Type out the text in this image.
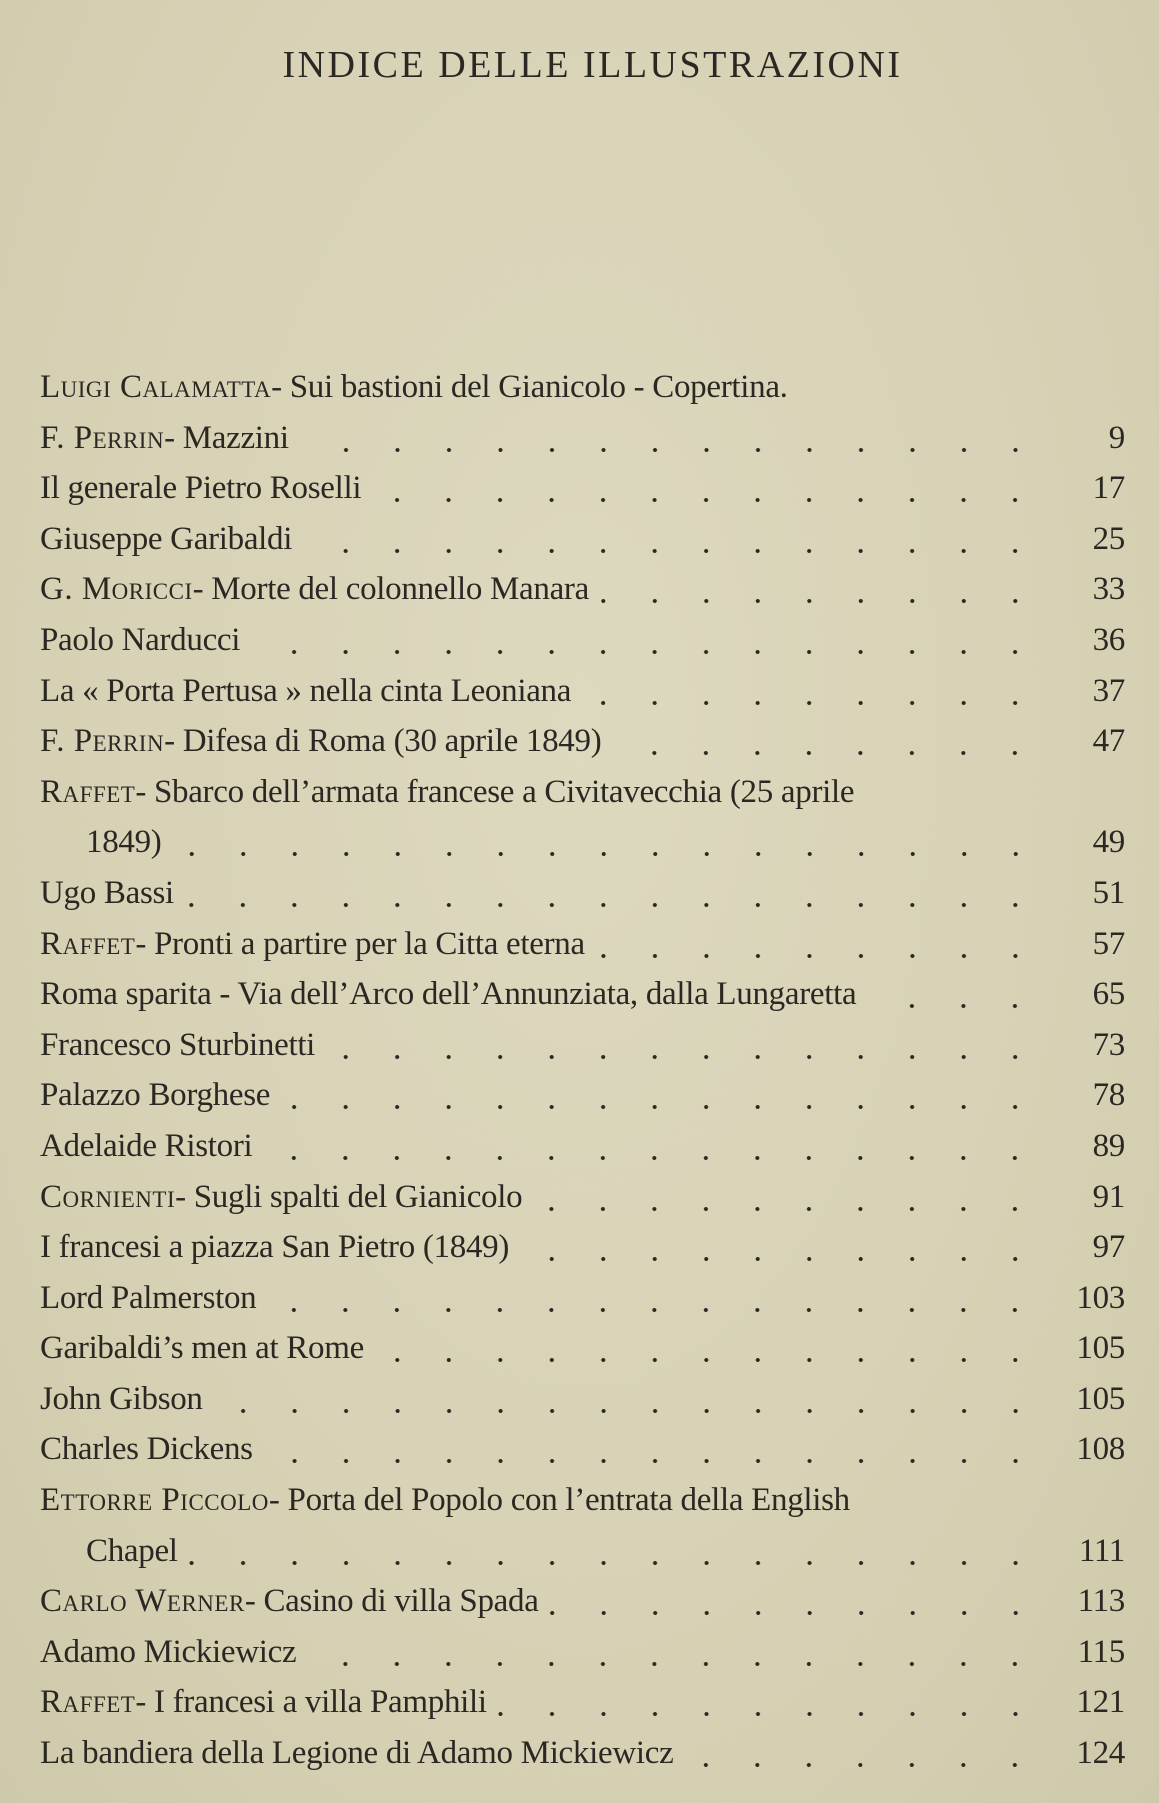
INDICE DELLE ILLUSTRAZIONI
Luigi Calamatta - Sui bastioni del Gianicolo - Copertina.
F. Perrin - Mazzini	9
Il generale Pietro Roselli	17
Giuseppe Garibaldi	25
G. Moricci - Morte del colonnello Manara	33
Paolo Narducci	36
La « Porta Pertusa » nella cinta Leoniana	37
F. Perrin - Difesa di Roma (30 aprile 1849)	47
Raffet - Sbarco dell’armata francese a Civitavecchia (25 aprile
1849)	49
Ugo Bassi	51
Raffet - Pronti a partire per la Citta eterna	57
Roma sparita - Via dell’Arco dell’Annunziata, dalla Lungaretta	65
Francesco Sturbinetti	73
Palazzo Borghese	78
Adelaide Ristori	89
Cornienti - Sugli spalti del Gianicolo	91
I francesi a piazza San Pietro (1849)	97
Lord Palmerston	103
Garibaldi’s men at Rome	105
John Gibson	105
Charles Dickens	108
Ettorre Piccolo - Porta del Popolo con l’entrata della English
Chapel	111
Carlo Werner - Casino di villa Spada	113
Adamo Mickiewicz	115
Raffet - I francesi a villa Pamphili	121
La bandiera della Legione di Adamo Mickiewicz	124
